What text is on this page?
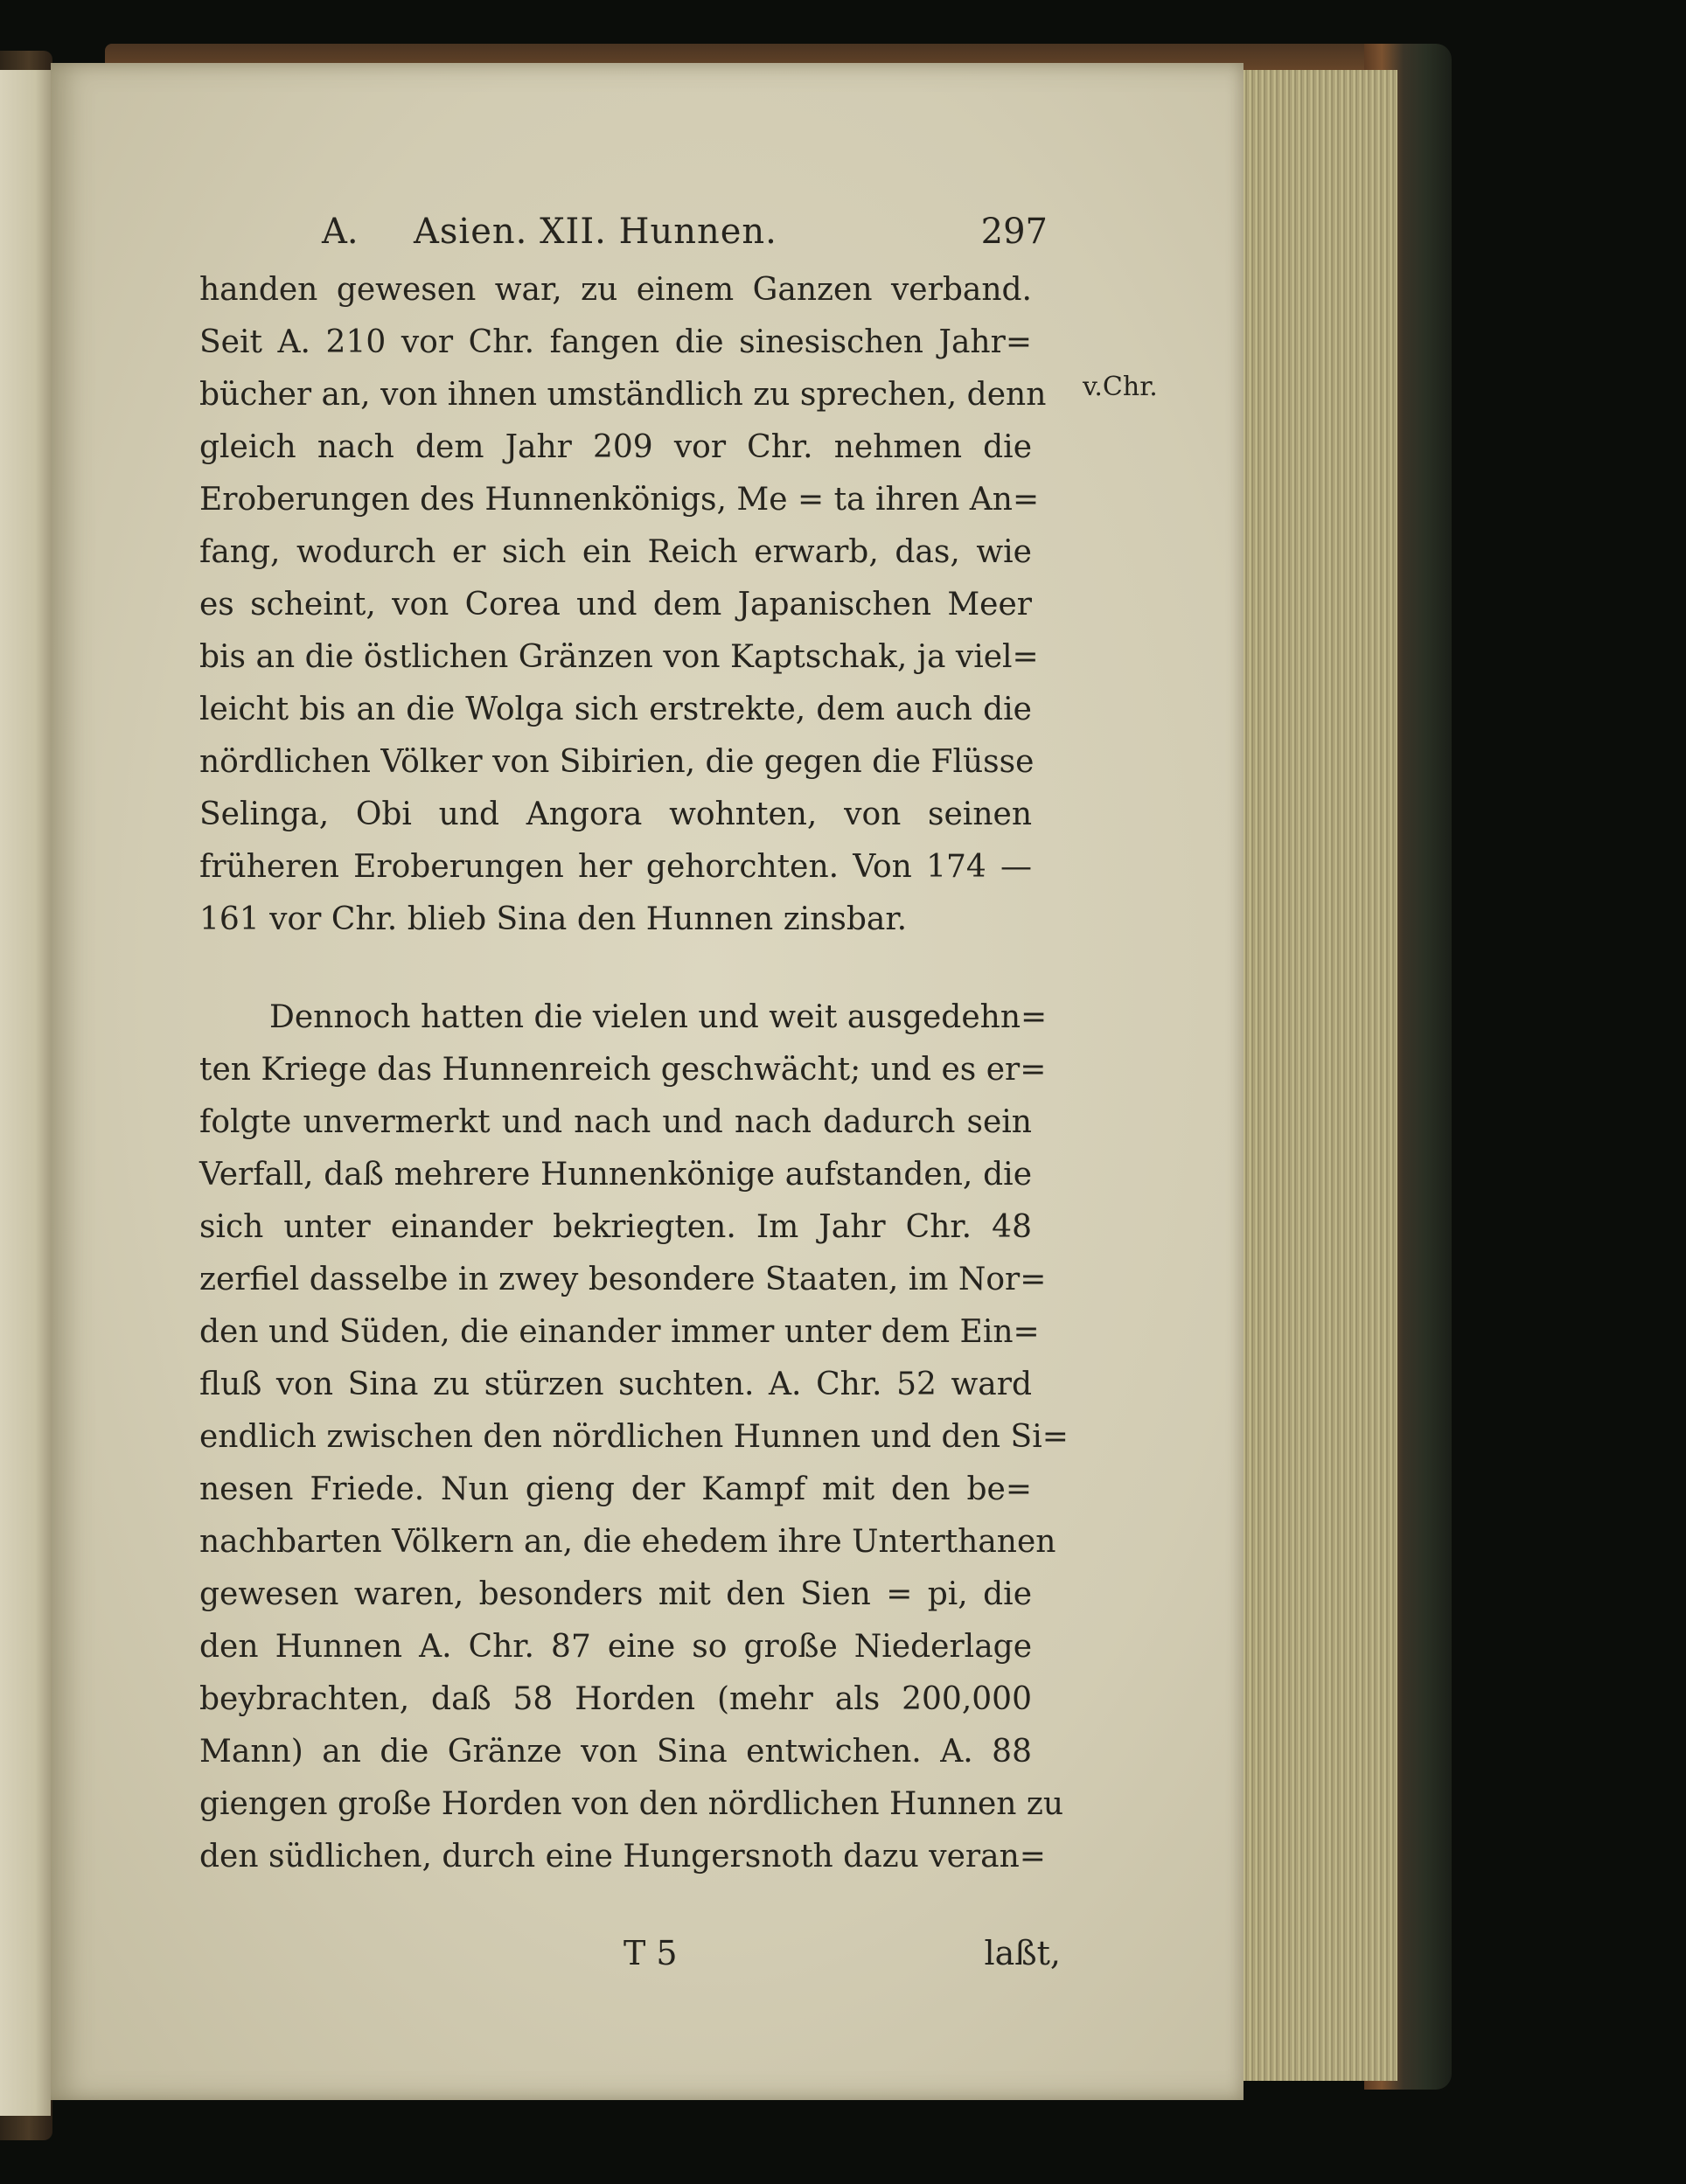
A. Asien. XII. Hunnen.	297
v.Chr.
handen gewesen war, zu einem Ganzen verband.
Seit A. 210 vor Chr. fangen die sinesischen Jahr=
bücher an, von ihnen umständlich zu sprechen, denn
gleich nach dem Jahr 209 vor Chr. nehmen die
Eroberungen des Hunnenkönigs, Me = ta ihren An=
fang, wodurch er sich ein Reich erwarb, das, wie
es scheint, von Corea und dem Japanischen Meer
bis an die östlichen Gränzen von Kaptschak, ja viel=
leicht bis an die Wolga sich erstrekte, dem auch die
nördlichen Völker von Sibirien, die gegen die Flüsse
Selinga, Obi und Angora wohnten, von seinen
früheren Eroberungen her gehorchten. Von 174 —
161 vor Chr. blieb Sina den Hunnen zinsbar.
Dennoch hatten die vielen und weit ausgedehn=
ten Kriege das Hunnenreich geschwächt; und es er=
folgte unvermerkt und nach und nach dadurch sein
Verfall, daß mehrere Hunnenkönige aufstanden, die
sich unter einander bekriegten. Im Jahr Chr. 48
zerfiel dasselbe in zwey besondere Staaten, im Nor=
den und Süden, die einander immer unter dem Ein=
fluß von Sina zu stürzen suchten. A. Chr. 52 ward
endlich zwischen den nördlichen Hunnen und den Si=
nesen Friede. Nun gieng der Kampf mit den be=
nachbarten Völkern an, die ehedem ihre Unterthanen
gewesen waren, besonders mit den Sien = pi, die
den Hunnen A. Chr. 87 eine so große Niederlage
beybrachten, daß 58 Horden (mehr als 200,000
Mann) an die Gränze von Sina entwichen. A. 88
giengen große Horden von den nördlichen Hunnen zu
den südlichen, durch eine Hungersnoth dazu veran=
T 5	laßt,
